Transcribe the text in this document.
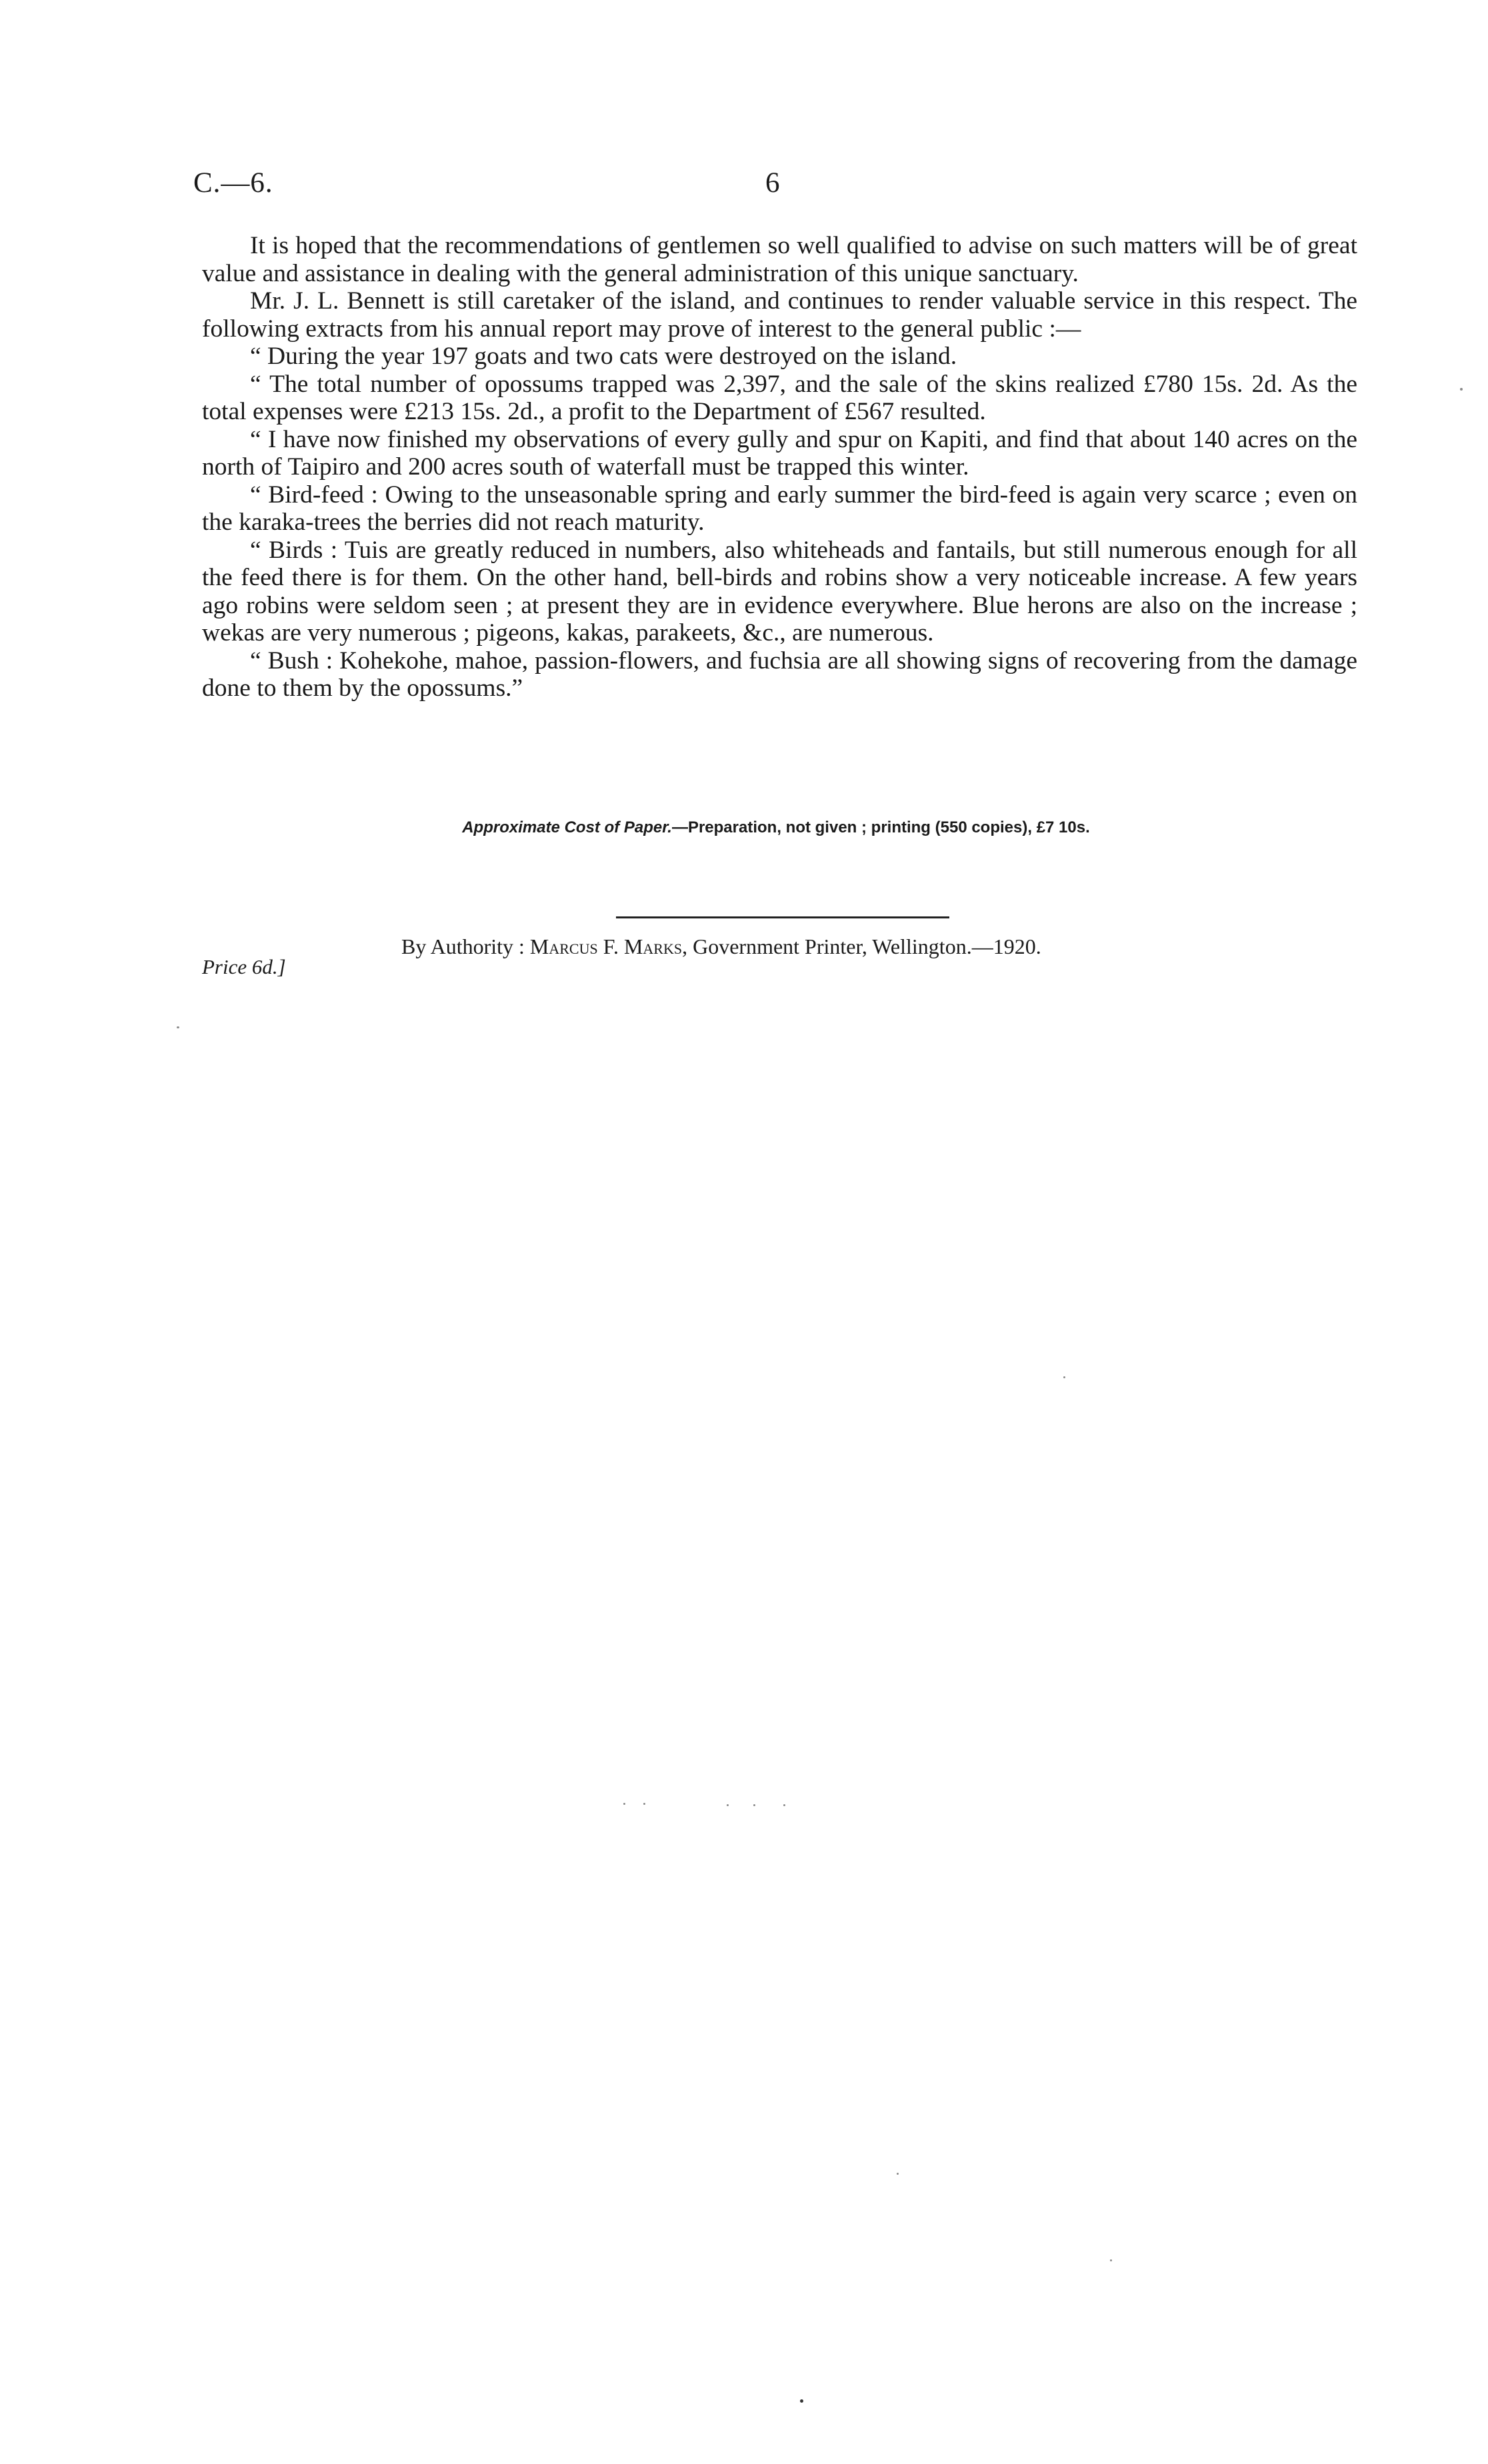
C.—6.	6

It is hoped that the recommendations of gentlemen so well qualified to advise on such matters will be of great value and assistance in dealing with the general administration of this unique sanctuary.

Mr. J. L. Bennett is still caretaker of the island, and continues to render valuable service in this respect. The following extracts from his annual report may prove of interest to the general public :—

“ During the year 197 goats and two cats were destroyed on the island.

“ The total number of opossums trapped was 2,397, and the sale of the skins realized £780 15s. 2d. As the total expenses were £213 15s. 2d., a profit to the Department of £567 resulted.

“ I have now finished my observations of every gully and spur on Kapiti, and find that about 140 acres on the north of Taipiro and 200 acres south of waterfall must be trapped this winter.

“ Bird-feed : Owing to the unseasonable spring and early summer the bird-feed is again very scarce ; even on the karaka-trees the berries did not reach maturity.

“ Birds : Tuis are greatly reduced in numbers, also whiteheads and fantails, but still numerous enough for all the feed there is for them. On the other hand, bell-birds and robins show a very noticeable increase. A few years ago robins were seldom seen ; at present they are in evidence everywhere. Blue herons are also on the increase ; wekas are very numerous ; pigeons, kakas, parakeets, &c., are numerous.

“ Bush : Kohekohe, mahoe, passion-flowers, and fuchsia are all showing signs of recovering from the damage done to them by the opossums.”

Approximate Cost of Paper.—Preparation, not given ; printing (550 copies), £7 10s.
Price 6d.]
By Authority : Marcus F. Marks, Government Printer, Wellington.—1920.
